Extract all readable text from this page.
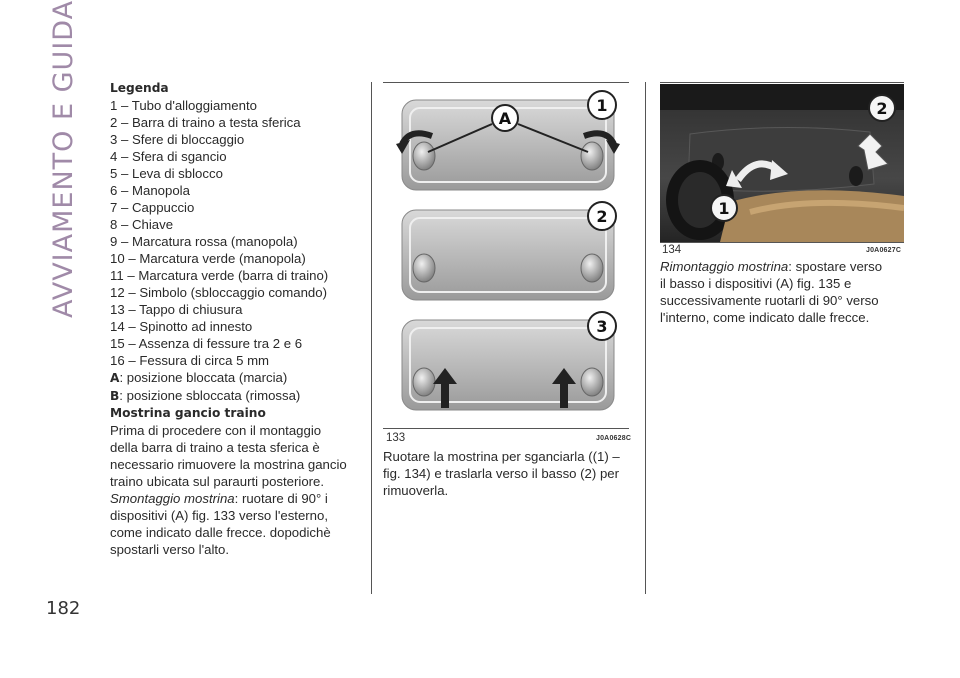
AVVIAMENTO E GUIDA
182
Legenda
1 – Tubo d'alloggiamento
2 – Barra di traino a testa sferica
3 – Sfere di bloccaggio
4 – Sfera di sgancio
5 – Leva di sblocco
6 – Manopola
7 – Cappuccio
8 – Chiave
9 – Marcatura rossa (manopola)
10 – Marcatura verde (manopola)
11 – Marcatura verde (barra di traino)
12 – Simbolo (sbloccaggio comando)
13 – Tappo di chiusura
14 – Spinotto ad innesto
15 – Assenza di fessure tra 2 e 6
16 – Fessura di circa 5 mm
A: posizione bloccata (marcia)
B: posizione sbloccata (rimossa)
Mostrina gancio traino
Prima di procedere con il montaggio
della barra di traino a testa sferica è
necessario rimuovere la mostrina gancio
traino ubicata sul paraurti posteriore.
Smontaggio mostrina: ruotare di 90° i
dispositivi (A) fig. 133 verso l'esterno,
come indicato dalle frecce. dopodichè
spostarli verso l'alto.
A
1
2
3
133	J0A0628C
Ruotare la mostrina per sganciarla ((1) –
fig. 134) e traslarla verso il basso (2) per
rimuoverla.
2
1
134	J0A0627C
Rimontaggio mostrina: spostare verso
il basso i dispositivi (A) fig. 135 e
successivamente ruotarli di 90° verso
l'interno, come indicato dalle frecce.
